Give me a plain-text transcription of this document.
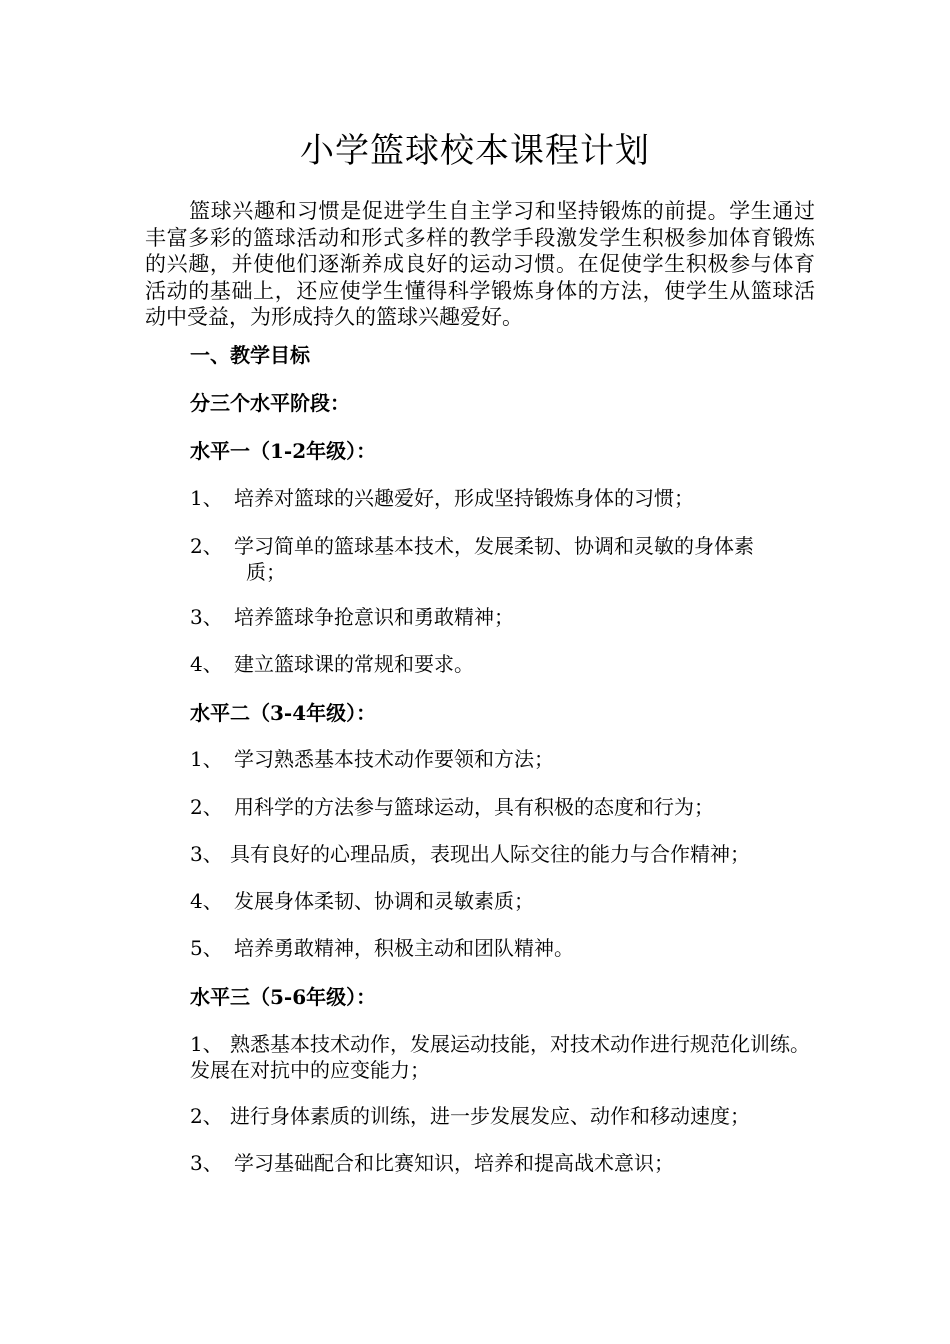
小学篮球校本课程计划

篮球兴趣和习惯是促进学生自主学习和坚持锻炼的前提。学生通过丰富多彩的篮球活动和形式多样的教学手段激发学生积极参加体育锻炼的兴趣，并使他们逐渐养成良好的运动习惯。在促使学生积极参与体育活动的基础上，还应使学生懂得科学锻炼身体的方法，使学生从篮球活动中受益，为形成持久的篮球兴趣爱好。

一、教学目标
分三个水平阶段：
水平一（1-2年级）：
1、 培养对篮球的兴趣爱好，形成坚持锻炼身体的习惯；
2、 学习简单的篮球基本技术，发展柔韧、协调和灵敏的身体素
质；
3、 培养篮球争抢意识和勇敢精神；
4、 建立篮球课的常规和要求。
水平二（3-4年级）：
1、 学习熟悉基本技术动作要领和方法；
2、 用科学的方法参与篮球运动，具有积极的态度和行为；
3、 具有良好的心理品质，表现出人际交往的能力与合作精神；
4、 发展身体柔韧、协调和灵敏素质；
5、 培养勇敢精神，积极主动和团队精神。
水平三（5-6年级）：
1、 熟悉基本技术动作，发展运动技能，对技术动作进行规范化训练。发展在对抗中的应变能力；
2、 进行身体素质的训练，进一步发展发应、动作和移动速度；
3、 学习基础配合和比赛知识，培养和提高战术意识；
